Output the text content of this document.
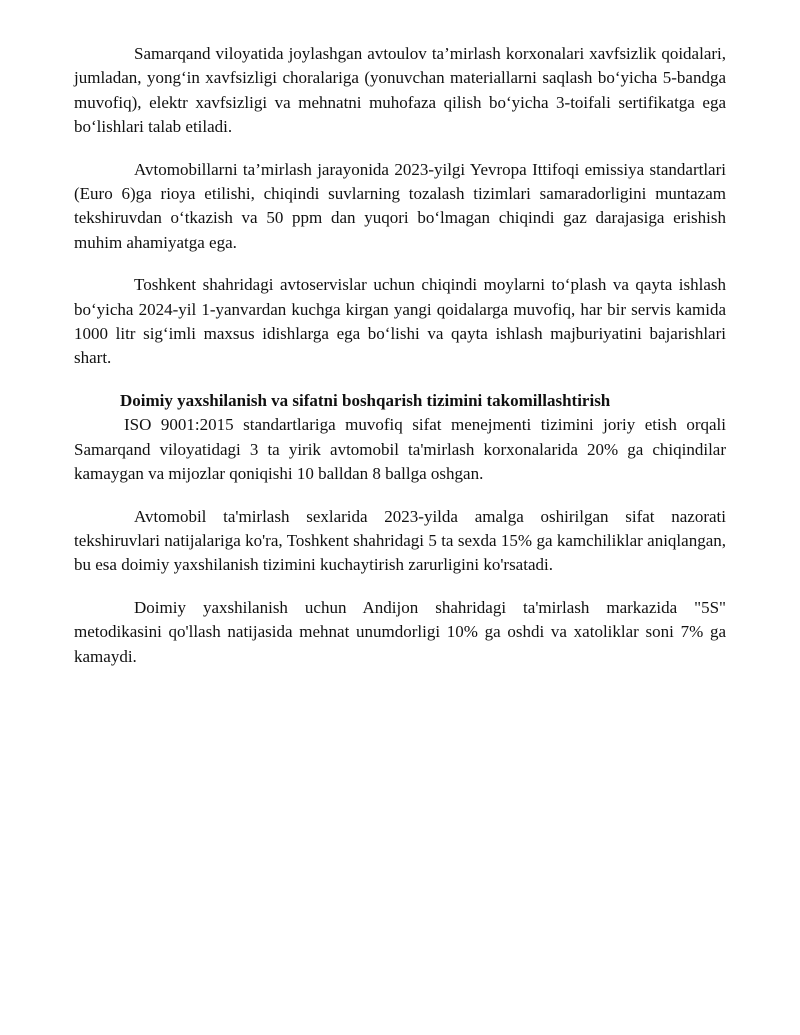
Samarqand viloyatida joylashgan avtoulov ta’mirlash korxonalari xavfsizlik qoidalari, jumladan, yong‘in xavfsizligi choralariga (yonuvchan materiallarni saqlash bo‘yicha 5-bandga muvofiq), elektr xavfsizligi va mehnatni muhofaza qilish bo‘yicha 3-toifali sertifikatga ega bo‘lishlari talab etiladi.

Avtomobillarni ta’mirlash jarayonida 2023-yilgi Yevropa Ittifoqi emissiya standartlari (Euro 6)ga rioya etilishi, chiqindi suvlarning tozalash tizimlari samaradorligini muntazam tekshiruvdan o‘tkazish va 50 ppm dan yuqori bo‘lmagan chiqindi gaz darajasiga erishish muhim ahamiyatga ega.

Toshkent shahridagi avtoservislar uchun chiqindi moylarni to‘plash va qayta ishlash bo‘yicha 2024-yil 1-yanvardan kuchga kirgan yangi qoidalarga muvofiq, har bir servis kamida 1000 litr sig‘imli maxsus idishlarga ega bo‘lishi va qayta ishlash majburiyatini bajarishlari shart.

Doimiy yaxshilanish va sifatni boshqarish tizimini takomillashtirish

ISO 9001:2015 standartlariga muvofiq sifat menejmenti tizimini joriy etish orqali Samarqand viloyatidagi 3 ta yirik avtomobil ta'mirlash korxonalarida 20% ga chiqindilar kamaygan va mijozlar qoniqishi 10 balldan 8 ballga oshgan.

Avtomobil ta'mirlash sexlarida 2023-yilda amalga oshirilgan sifat nazorati tekshiruvlari natijalariga ko'ra, Toshkent shahridagi 5 ta sexda 15% ga kamchiliklar aniqlangan, bu esa doimiy yaxshilanish tizimini kuchaytirish zarurligini ko'rsatadi.

Doimiy yaxshilanish uchun Andijon shahridagi ta'mirlash markazida "5S" metodikasini qo'llash natijasida mehnat unumdorligi 10% ga oshdi va xatoliklar soni 7% ga kamaydi.
